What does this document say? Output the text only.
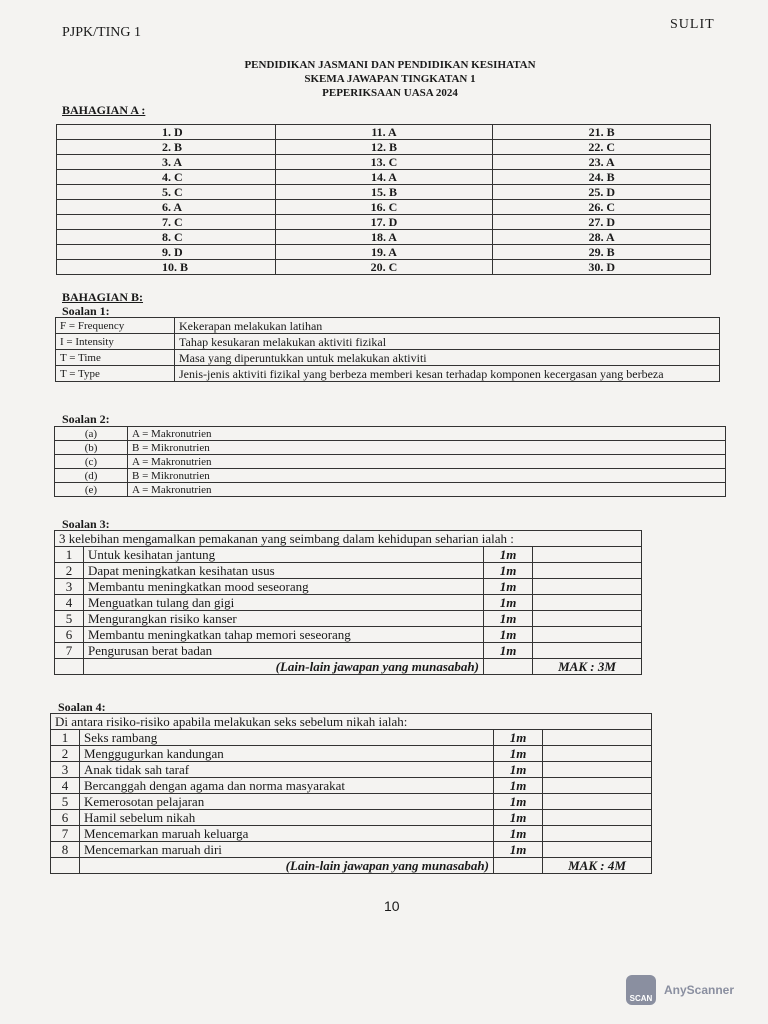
PJPK/TING 1
SULIT
PENDIDIKAN JASMANI DAN PENDIDIKAN KESIHATAN
SKEMA JAWAPAN TINGKATAN 1
PEPERIKSAAN UASA 2024
BAHAGIAN A :
1. D	11. A	21. B
2. B	12. B	22. C
3. A	13. C	23. A
4. C	14. A	24. B
5. C	15. B	25. D
6. A	16. C	26. C
7. C	17. D	27. D
8. C	18. A	28. A
9. D	19. A	29. B
10. B	20. C	30. D
BAHAGIAN B:
Soalan 1:
F = Frequency	Kekerapan melakukan latihan
I = Intensity	Tahap kesukaran melakukan aktiviti fizikal
T = Time	Masa yang diperuntukkan untuk melakukan aktiviti
T = Type	Jenis-jenis aktiviti fizikal yang berbeza memberi kesan terhadap komponen kecergasan yang berbeza
Soalan 2:
(a)	A = Makronutrien
(b)	B = Mikronutrien
(c)	A = Makronutrien
(d)	B = Mikronutrien
(e)	A = Makronutrien
Soalan 3:
3 kelebihan mengamalkan pemakanan yang seimbang dalam kehidupan seharian ialah :			
1	Untuk kesihatan jantung	1m	
2	Dapat meningkatkan kesihatan usus	1m	
3	Membantu meningkatkan mood seseorang	1m	
4	Menguatkan tulang dan gigi	1m	
5	Mengurangkan risiko kanser	1m	
6	Membantu meningkatkan tahap memori seseorang	1m	
7	Pengurusan berat badan	1m	
	(Lain-lain jawapan yang munasabah)		MAK : 3M
Soalan 4:
Di antara risiko-risiko apabila melakukan seks sebelum nikah ialah:			
1	Seks rambang	1m	
2	Menggugurkan kandungan	1m	
3	Anak tidak sah taraf	1m	
4	Bercanggah dengan agama dan norma masyarakat	1m	
5	Kemerosotan pelajaran	1m	
6	Hamil sebelum nikah	1m	
7	Mencemarkan maruah keluarga	1m	
8	Mencemarkan maruah diri	1m	
	(Lain-lain jawapan yang munasabah)		MAK : 4M
10
SCAN
AnyScanner
